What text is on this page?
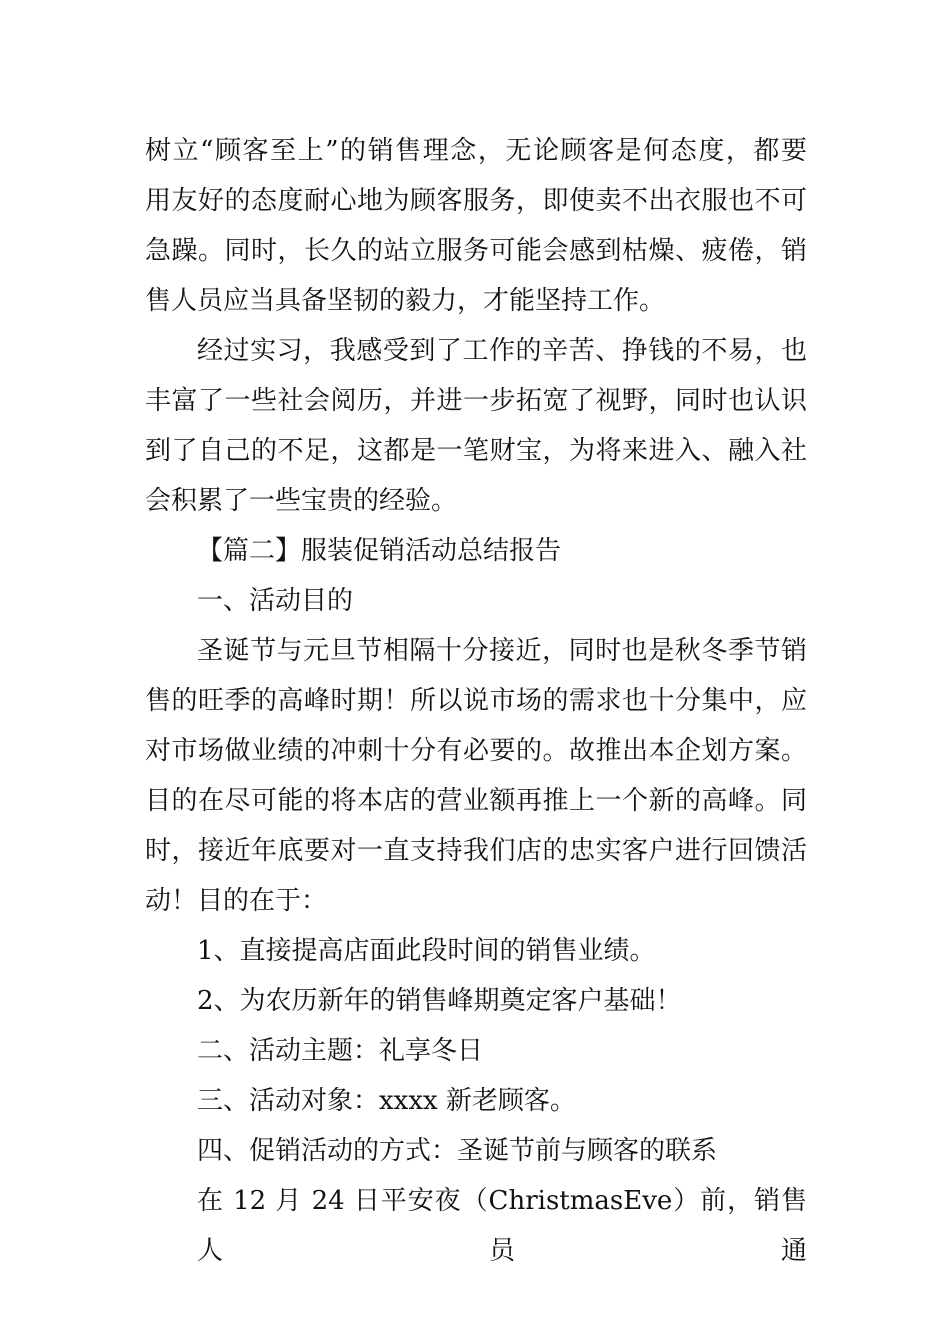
树立“顾客至上”的销售理念，无论顾客是何态度，都要
用友好的态度耐心地为顾客服务，即使卖不出衣服也不可
急躁。同时，长久的站立服务可能会感到枯燥、疲倦，销
售人员应当具备坚韧的毅力，才能坚持工作。
经过实习，我感受到了工作的辛苦、挣钱的不易，也
丰富了一些社会阅历，并进一步拓宽了视野，同时也认识
到了自己的不足，这都是一笔财宝，为将来进入、融入社
会积累了一些宝贵的经验。
【篇二】服装促销活动总结报告
一、活动目的
圣诞节与元旦节相隔十分接近，同时也是秋冬季节销
售的旺季的高峰时期！所以说市场的需求也十分集中，应
对市场做业绩的冲刺十分有必要的。故推出本企划方案。
目的在尽可能的将本店的营业额再推上一个新的高峰。同
时，接近年底要对一直支持我们店的忠实客户进行回馈活
动！目的在于：
1、直接提高店面此段时间的销售业绩。
2、为农历新年的销售峰期奠定客户基础！
二、活动主题：礼享冬日
三、活动对象：xxxx 新老顾客。
四、促销活动的方式：圣诞节前与顾客的联系
在 12 月 24 日平安夜（ChristmasEve）前，销售人员通
